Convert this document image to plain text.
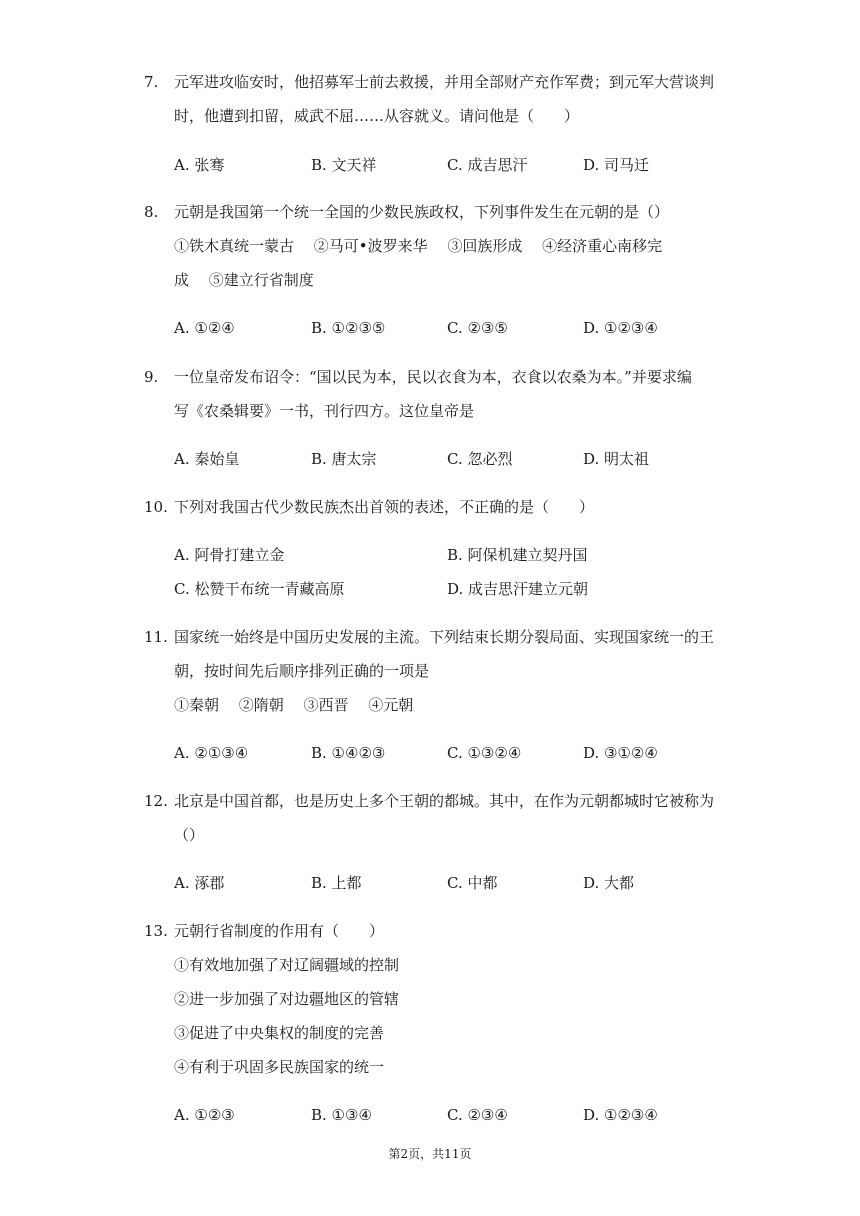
7. 元军进攻临安时，他招募军士前去救援，并用全部财产充作军费；到元军大营谈判
时，他遭到扣留，威武不屈……从容就义。请问他是（　　）
A. 张骞	B. 文天祥	C. 成吉思汗	D. 司马迁
8. 元朝是我国第一个统一全国的少数民族政权，下列事件发生在元朝的是（）
①铁木真统一蒙古　 ②马可•波罗来华　 ③回族形成　 ④经济重心南移完
成　 ⑤建立行省制度
A. ①②④	B. ①②③⑤	C. ②③⑤	D. ①②③④
9. 一位皇帝发布诏令：“国以民为本，民以衣食为本，衣食以农桑为本。”并要求编
写《农桑辑要》一书，刊行四方。这位皇帝是
A. 秦始皇	B. 唐太宗	C. 忽必烈	D. 明太祖
10. 下列对我国古代少数民族杰出首领的表述，不正确的是（　　）
A. 阿骨打建立金	B. 阿保机建立契丹国
C. 松赞干布统一青藏高原	D. 成吉思汗建立元朝
11. 国家统一始终是中国历史发展的主流。下列结束长期分裂局面、实现国家统一的王
朝，按时间先后顺序排列正确的一项是
①秦朝　 ②隋朝　 ③西晋　 ④元朝
A. ②①③④	B. ①④②③	C. ①③②④	D. ③①②④
12. 北京是中国首都，也是历史上多个王朝的都城。其中，在作为元朝都城时它被称为
（）
A. 涿郡	B. 上都	C. 中都	D. 大都
13. 元朝行省制度的作用有（　　）
①有效地加强了对辽阔疆域的控制
②进一步加强了对边疆地区的管辖
③促进了中央集权的制度的完善
④有利于巩固多民族国家的统一
A. ①②③	B. ①③④	C. ②③④	D. ①②③④
第2页，共11页
